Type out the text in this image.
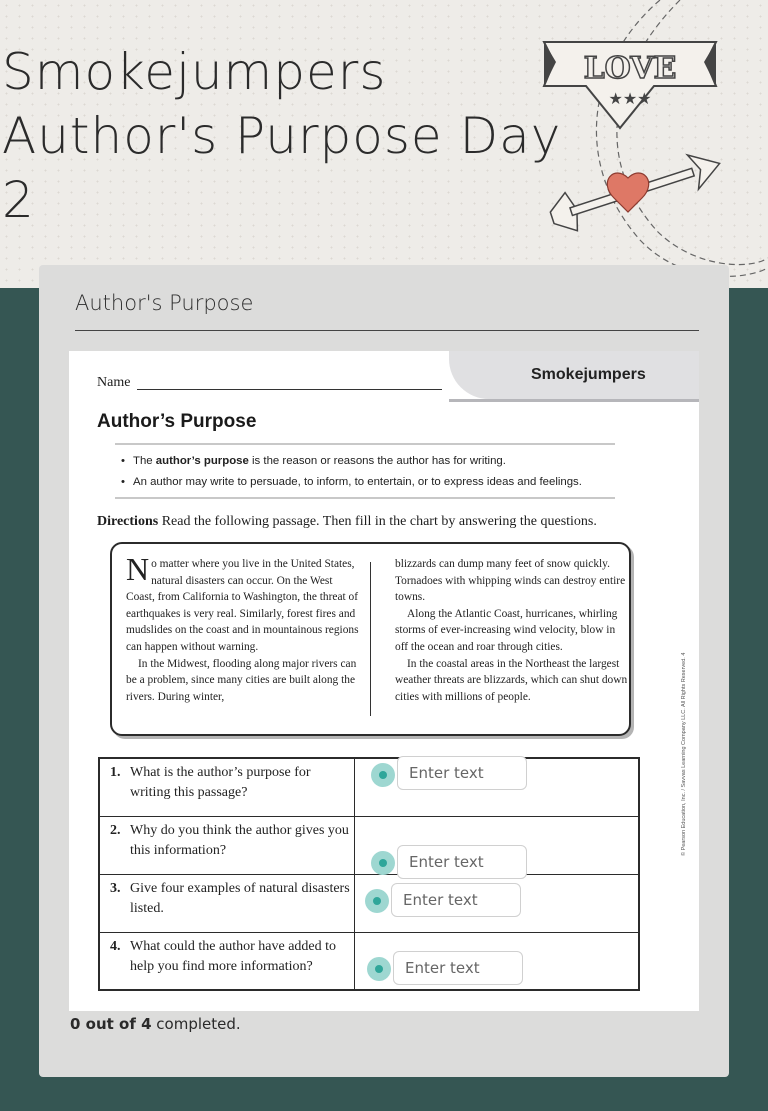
Smokejumpers Author's Purpose Day 2
LOVE
★★★
Author's Purpose
Smokejumpers
Name
Author’s Purpose
• The author’s purpose is the reason or reasons the author has for writing.
• An author may write to persuade, to inform, to entertain, or to express ideas and feelings.
Directions Read the following passage. Then fill in the chart by answering the questions.

No matter where you live in the United States, natural disasters can occur. On the West Coast, from California to Washington, the threat of earthquakes is very real. Similarly, forest fires and mudslides on the coast and in mountainous regions can happen without warning.

In the Midwest, flooding along major rivers can be a problem, since many cities are built along the rivers. During winter,

blizzards can dump many feet of snow quickly. Tornadoes with whipping winds can destroy entire towns.

Along the Atlantic Coast, hurricanes, whirling storms of ever-increasing wind velocity, blow in off the ocean and roar through cities.

In the coastal areas in the Northeast the largest weather threats are blizzards, which can shut down cities with millions of people.

1. What is the author’s purpose for writing this passage?
2. Why do you think the author gives you this information?
3. Give four examples of natural disasters listed.
4. What could the author have added to help you find more information?
© Pearson Education, Inc. / Savvas Learning Company LLC. All Rights Reserved. 4
Enter text
Enter text
Enter text
Enter text
0 out of 4 completed.
